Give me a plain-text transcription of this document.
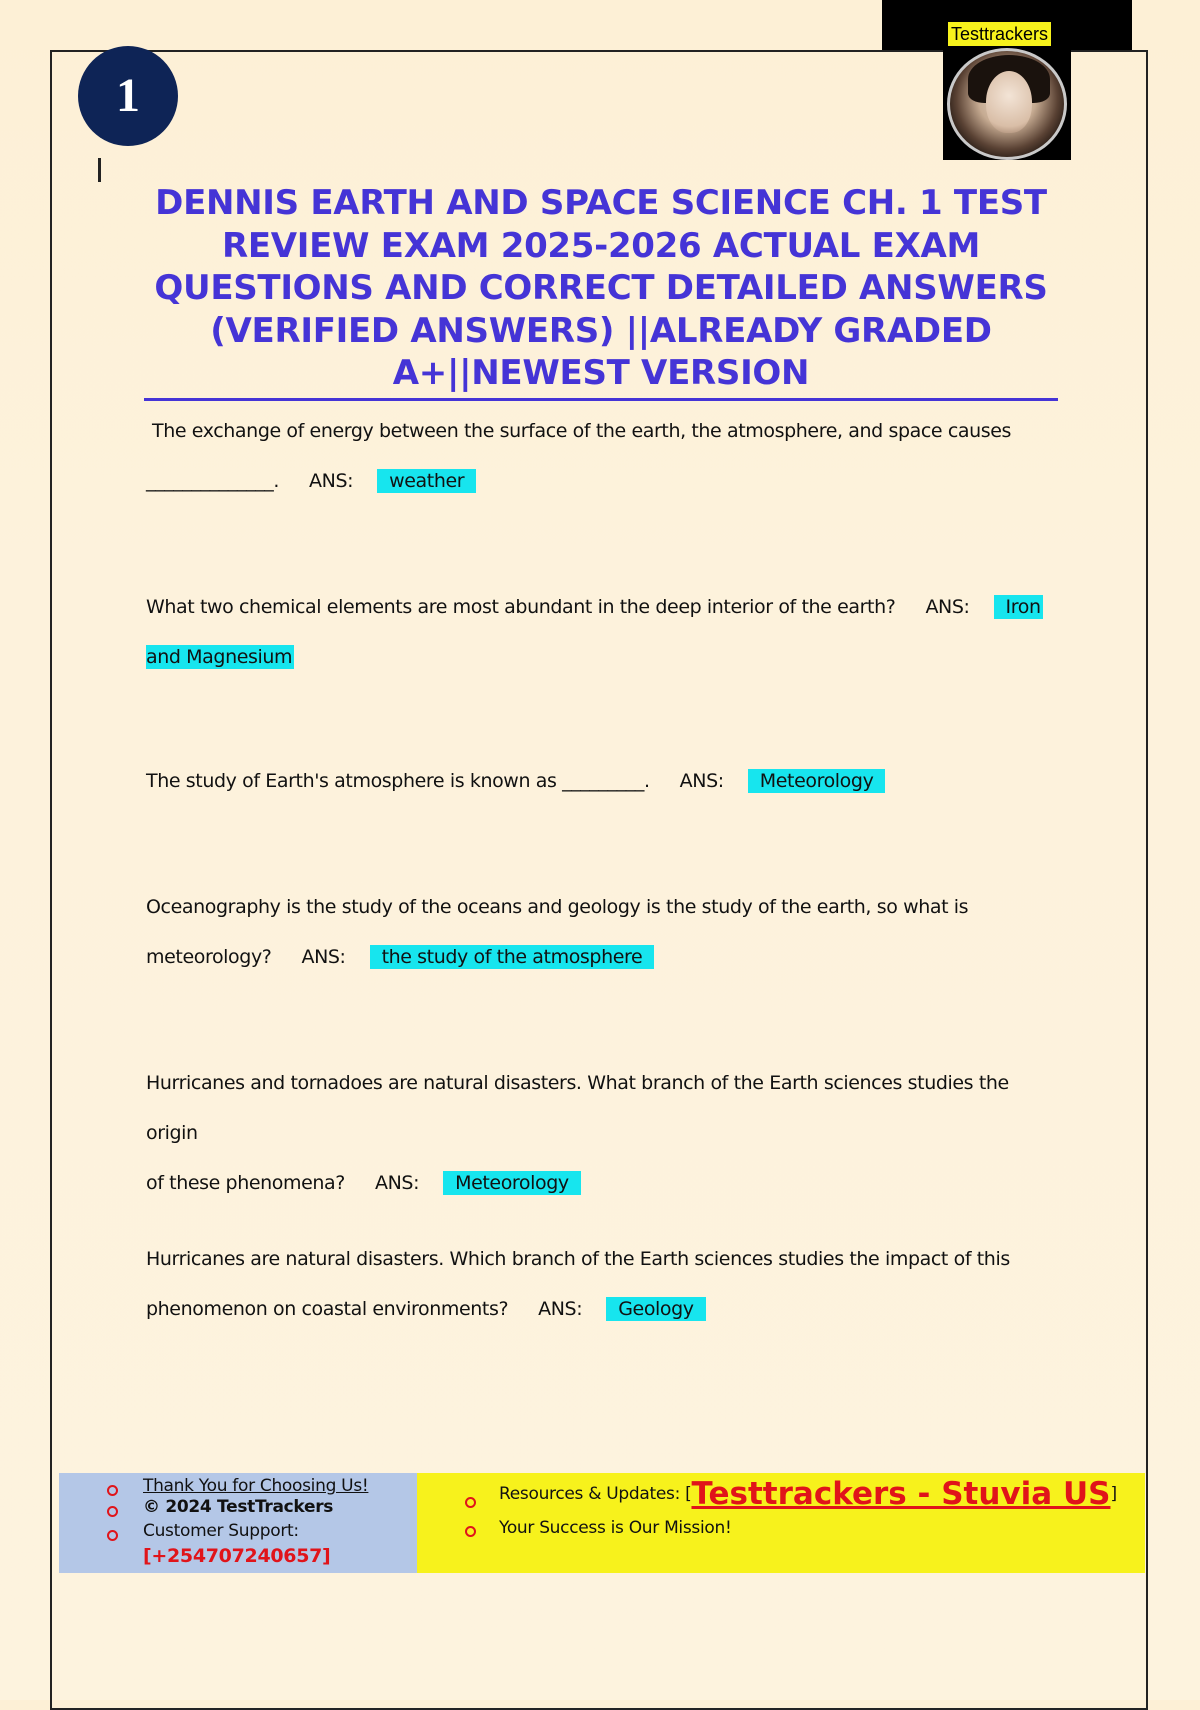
Testtrackers
1
DENNIS EARTH AND SPACE SCIENCE CH. 1 TEST REVIEW EXAM 2025-2026 ACTUAL EXAM QUESTIONS AND CORRECT DETAILED ANSWERS (VERIFIED ANSWERS) ||ALREADY GRADED A+||NEWEST VERSION
The exchange of energy between the surface of the earth, the atmosphere, and space causes
______________. ANS: weather
What two chemical elements are most abundant in the deep interior of the earth? ANS: Iron
and Magnesium
The study of Earth's atmosphere is known as _________. ANS: Meteorology
Oceanography is the study of the oceans and geology is the study of the earth, so what is
meteorology? ANS: the study of the atmosphere
Hurricanes and tornadoes are natural disasters. What branch of the Earth sciences studies the origin
of these phenomena? ANS: Meteorology
Hurricanes are natural disasters. Which branch of the Earth sciences studies the impact of this
phenomenon on coastal environments? ANS: Geology
Thank You for Choosing Us!
© 2024 TestTrackers
Customer Support:
[+254707240657]
Resources & Updates: [Testtrackers - Stuvia US]
Your Success is Our Mission!
